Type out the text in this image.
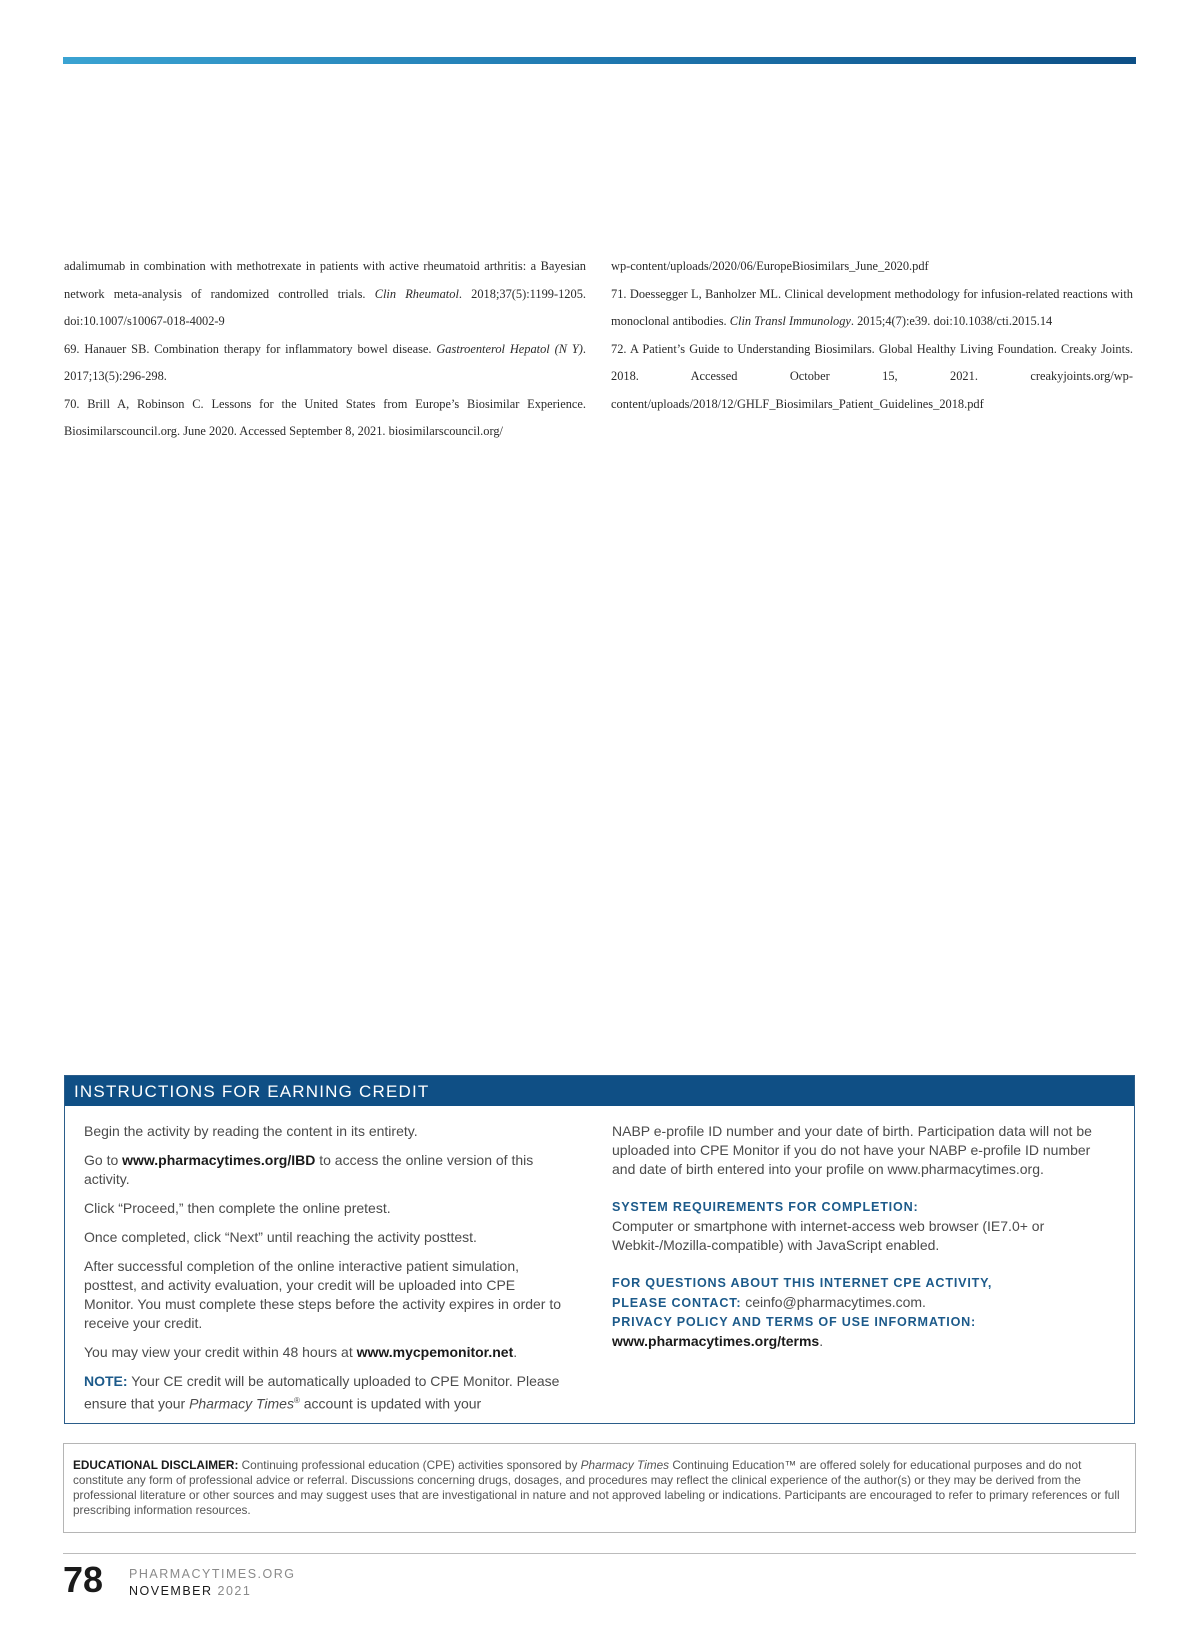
adalimumab in combination with methotrexate in patients with active rheumatoid arthritis: a Bayesian network meta-analysis of randomized controlled trials. Clin Rheumatol. 2018;37(5):1199-1205. doi:10.1007/s10067-018-4002-9

69. Hanauer SB. Combination therapy for inflammatory bowel disease. Gastroenterol Hepatol (N Y). 2017;13(5):296-298.

70. Brill A, Robinson C. Lessons for the United States from Europe’s Biosimilar Experience. Biosimilarscouncil.org. June 2020. Accessed September 8, 2021. biosimilarscouncil.org/

wp-content/uploads/2020/06/EuropeBiosimilars_June_2020.pdf

71. Doessegger L, Banholzer ML. Clinical development methodology for infusion-related reactions with monoclonal antibodies. Clin Transl Immunology. 2015;4(7):e39. doi:10.1038/cti.2015.14

72. A Patient’s Guide to Understanding Biosimilars. Global Healthy Living Foundation. Creaky Joints. 2018. Accessed October 15, 2021. creakyjoints.org/wp-content/uploads/2018/12/GHLF_Biosimilars_Patient_Guidelines_2018.pdf

INSTRUCTIONS FOR EARNING CREDIT

Begin the activity by reading the content in its entirety.

Go to www.pharmacytimes.org/IBD to access the online version of this activity.

Click “Proceed,” then complete the online pretest.

Once completed, click “Next” until reaching the activity posttest.

After successful completion of the online interactive patient simulation, posttest, and activity evaluation, your credit will be uploaded into CPE Monitor. You must complete these steps before the activity expires in order to receive your credit.

You may view your credit within 48 hours at www.mycpemonitor.net.

NOTE: Your CE credit will be automatically uploaded to CPE Monitor. Please ensure that your Pharmacy Times® account is updated with your

NABP e-profile ID number and your date of birth. Participation data will not be uploaded into CPE Monitor if you do not have your NABP e-profile ID number and date of birth entered into your profile on www.pharmacytimes.org.

SYSTEM REQUIREMENTS FOR COMPLETION:
Computer or smartphone with internet-access web browser (IE7.0+ or Webkit-/Mozilla-compatible) with JavaScript enabled.
FOR QUESTIONS ABOUT THIS INTERNET CPE ACTIVITY,
PLEASE CONTACT: ceinfo@pharmacytimes.com.
PRIVACY POLICY AND TERMS OF USE INFORMATION:
www.pharmacytimes.org/terms.
EDUCATIONAL DISCLAIMER: Continuing professional education (CPE) activities sponsored by Pharmacy Times Continuing Education™ are offered solely for educational purposes and do not constitute any form of professional advice or referral. Discussions concerning drugs, dosages, and procedures may reflect the clinical experience of the author(s) or they may be derived from the professional literature or other sources and may suggest uses that are investigational in nature and not approved labeling or indications. Participants are encouraged to refer to primary references or full prescribing information resources.
78 PHARMACYTIMES.ORG
NOVEMBER 2021
